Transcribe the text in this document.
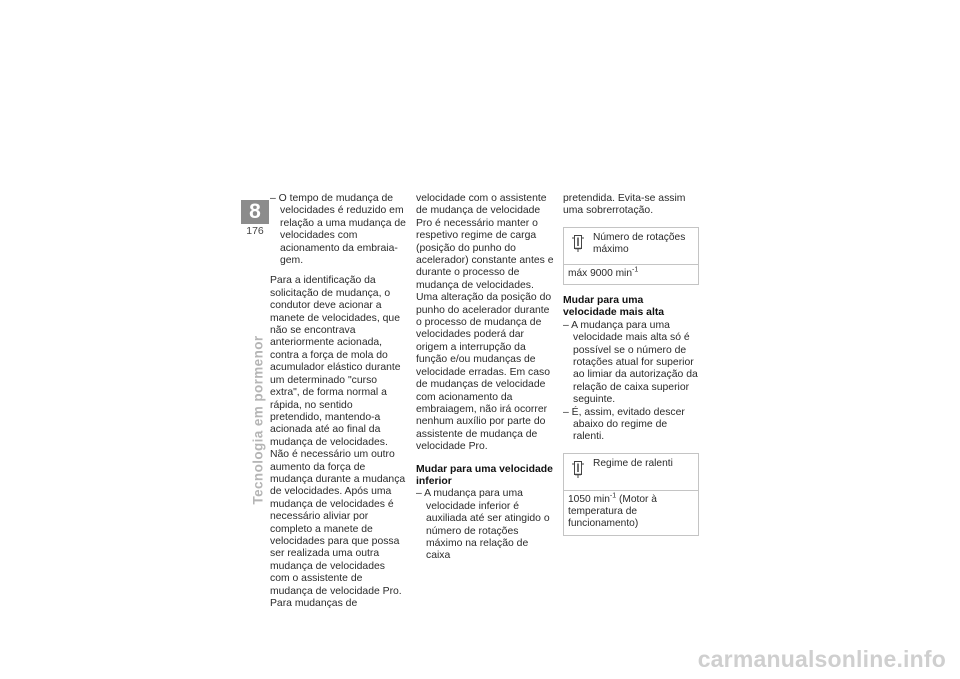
8
176
Tecnologia em pormenor

– O tempo de mudança de velocidades é reduzido em relação a uma mudança de velocidades com acionamento da embraiagem.

Para a identificação da solicitação de mudança, o condutor deve acionar a manete de velocidades, que não se encontrava anteriormente acionada, contra a força de mola do acumulador elástico durante um determinado "curso extra", de forma normal a rápida, no sentido pretendido, mantendo-a acionada até ao final da mudança de velocidades. Não é necessário um outro aumento da força de mudança durante a mudança de velocidades. Após uma mudança de velocidades é necessário aliviar por completo a manete de velocidades para que possa ser realizada uma outra mudança de velocidades com o assistente de mudança de velocidade Pro. Para mudanças de

velocidade com o assistente de mudança de velocidade Pro é necessário manter o respetivo regime de carga (posição do punho do acelerador) constante antes e durante o processo de mudança de velocidades. Uma alteração da posição do punho do acelerador durante o processo de mudança de velocidades poderá dar origem a interrupção da função e/ou mudanças de velocidade erradas. Em caso de mudanças de velocidade com acionamento da embraiagem, não irá ocorrer nenhum auxílio por parte do assistente de mudança de velocidade Pro.

Mudar para uma velocidade inferior

– A mudança para uma velocidade inferior é auxiliada até ser atingido o número de rotações máximo na relação de caixa

pretendida. Evita-se assim uma sobrerrotação.

Número de rotações máximo
máx 9000 $\min^{-1}$

Mudar para uma velocidade mais alta

– A mudança para uma velocidade mais alta só é possível se o número de rotações atual for superior ao limiar da autorização da relação de caixa superior seguinte.

– É, assim, evitado descer abaixo do regime de ralenti.

Regime de ralenti
1050 $\min^{-1}$ (Motor à temperatura de funcionamento)
carmanualsonline.info
